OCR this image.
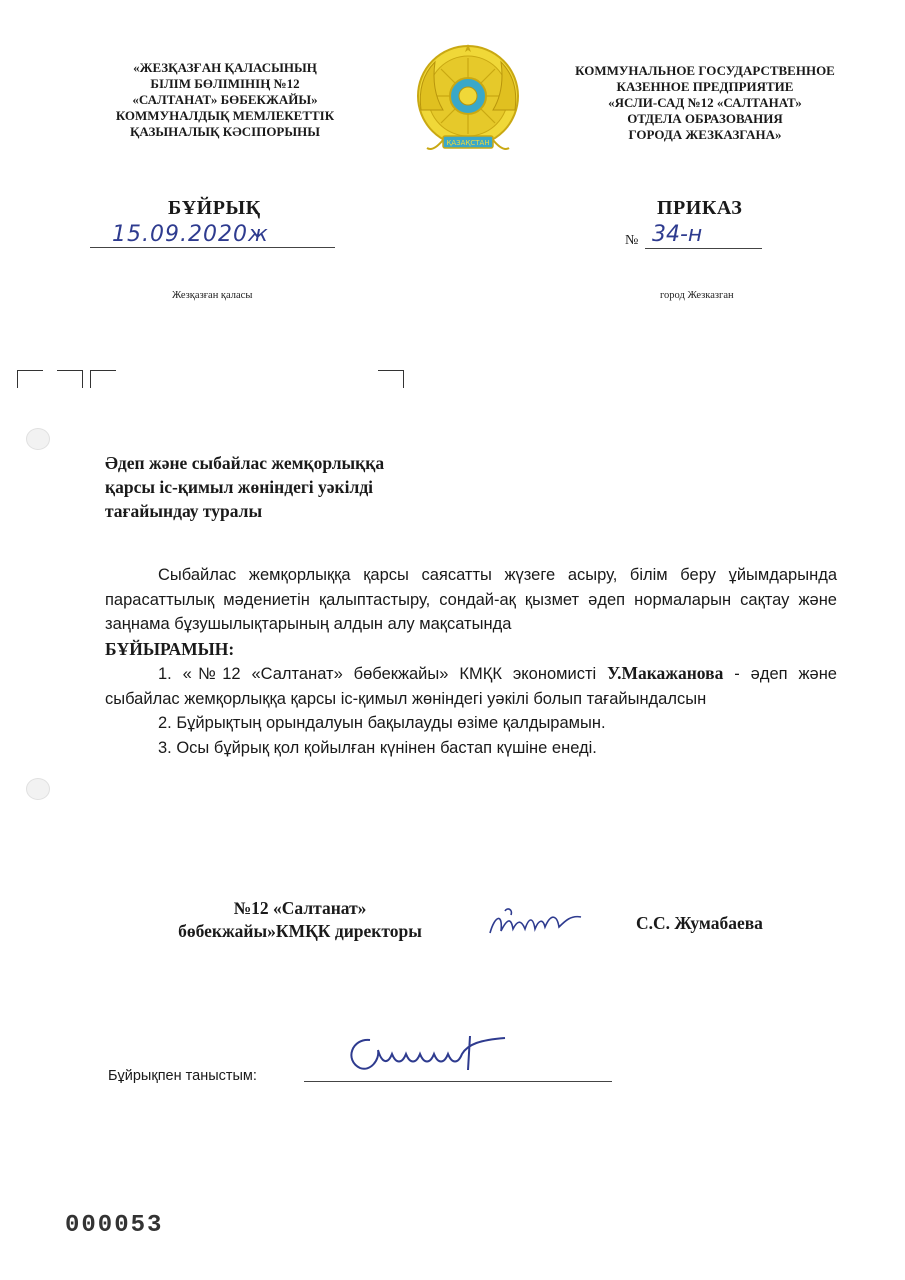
«ЖЕЗҚАЗҒАН ҚАЛАСЫНЫҢ
БІЛІМ БӨЛІМІНІҢ №12
«САЛТАНАТ» БӨБЕКЖАЙЫ»
КОММУНАЛДЫҚ МЕМЛЕКЕТТІК
ҚАЗЫНАЛЫҚ КӘСІПОРЫНЫ
ҚАЗАҚСТАН
КОММУНАЛЬНОЕ ГОСУДАРСТВЕННОЕ
КАЗЕННОЕ ПРЕДПРИЯТИЕ
«ЯСЛИ-САД №12 «САЛТАНАТ»
ОТДЕЛА ОБРАЗОВАНИЯ
ГОРОДА ЖЕЗКАЗГАНА»
БҰЙРЫҚ	ПРИКАЗ
15.09.2020ж	№ 34-н
Жезқазған қаласы	город Жезказган
Әдеп және сыбайлас жемқорлыққа
қарсы іс-қимыл жөніндегі уәкілді
тағайындау туралы

Сыбайлас жемқорлыққа қарсы саясатты жүзеге асыру, білім беру ұйымдарында парасаттылық мәдениетін қалыптастыру, сондай-ақ қызмет әдеп нормаларын сақтау және заңнама бұзушылықтарының алдын алу мақсатында

БҰЙЫРАМЫН:

1. «№12 «Салтанат» бөбекжайы» КМҚК экономисті У.Макажанова - әдеп және сыбайлас жемқорлыққа қарсы іс-қимыл жөніндегі уәкілі болып тағайындалсын

2. Бұйрықтың орындалуын бақылауды өзіме қалдырамын.

3. Осы бұйрық қол қойылған күнінен бастап күшіне енеді.

№12 «Салтанат»
бөбекжайы»КМҚК директоры	С.С. Жумабаева
Бұйрықпен таныстым:
000053
